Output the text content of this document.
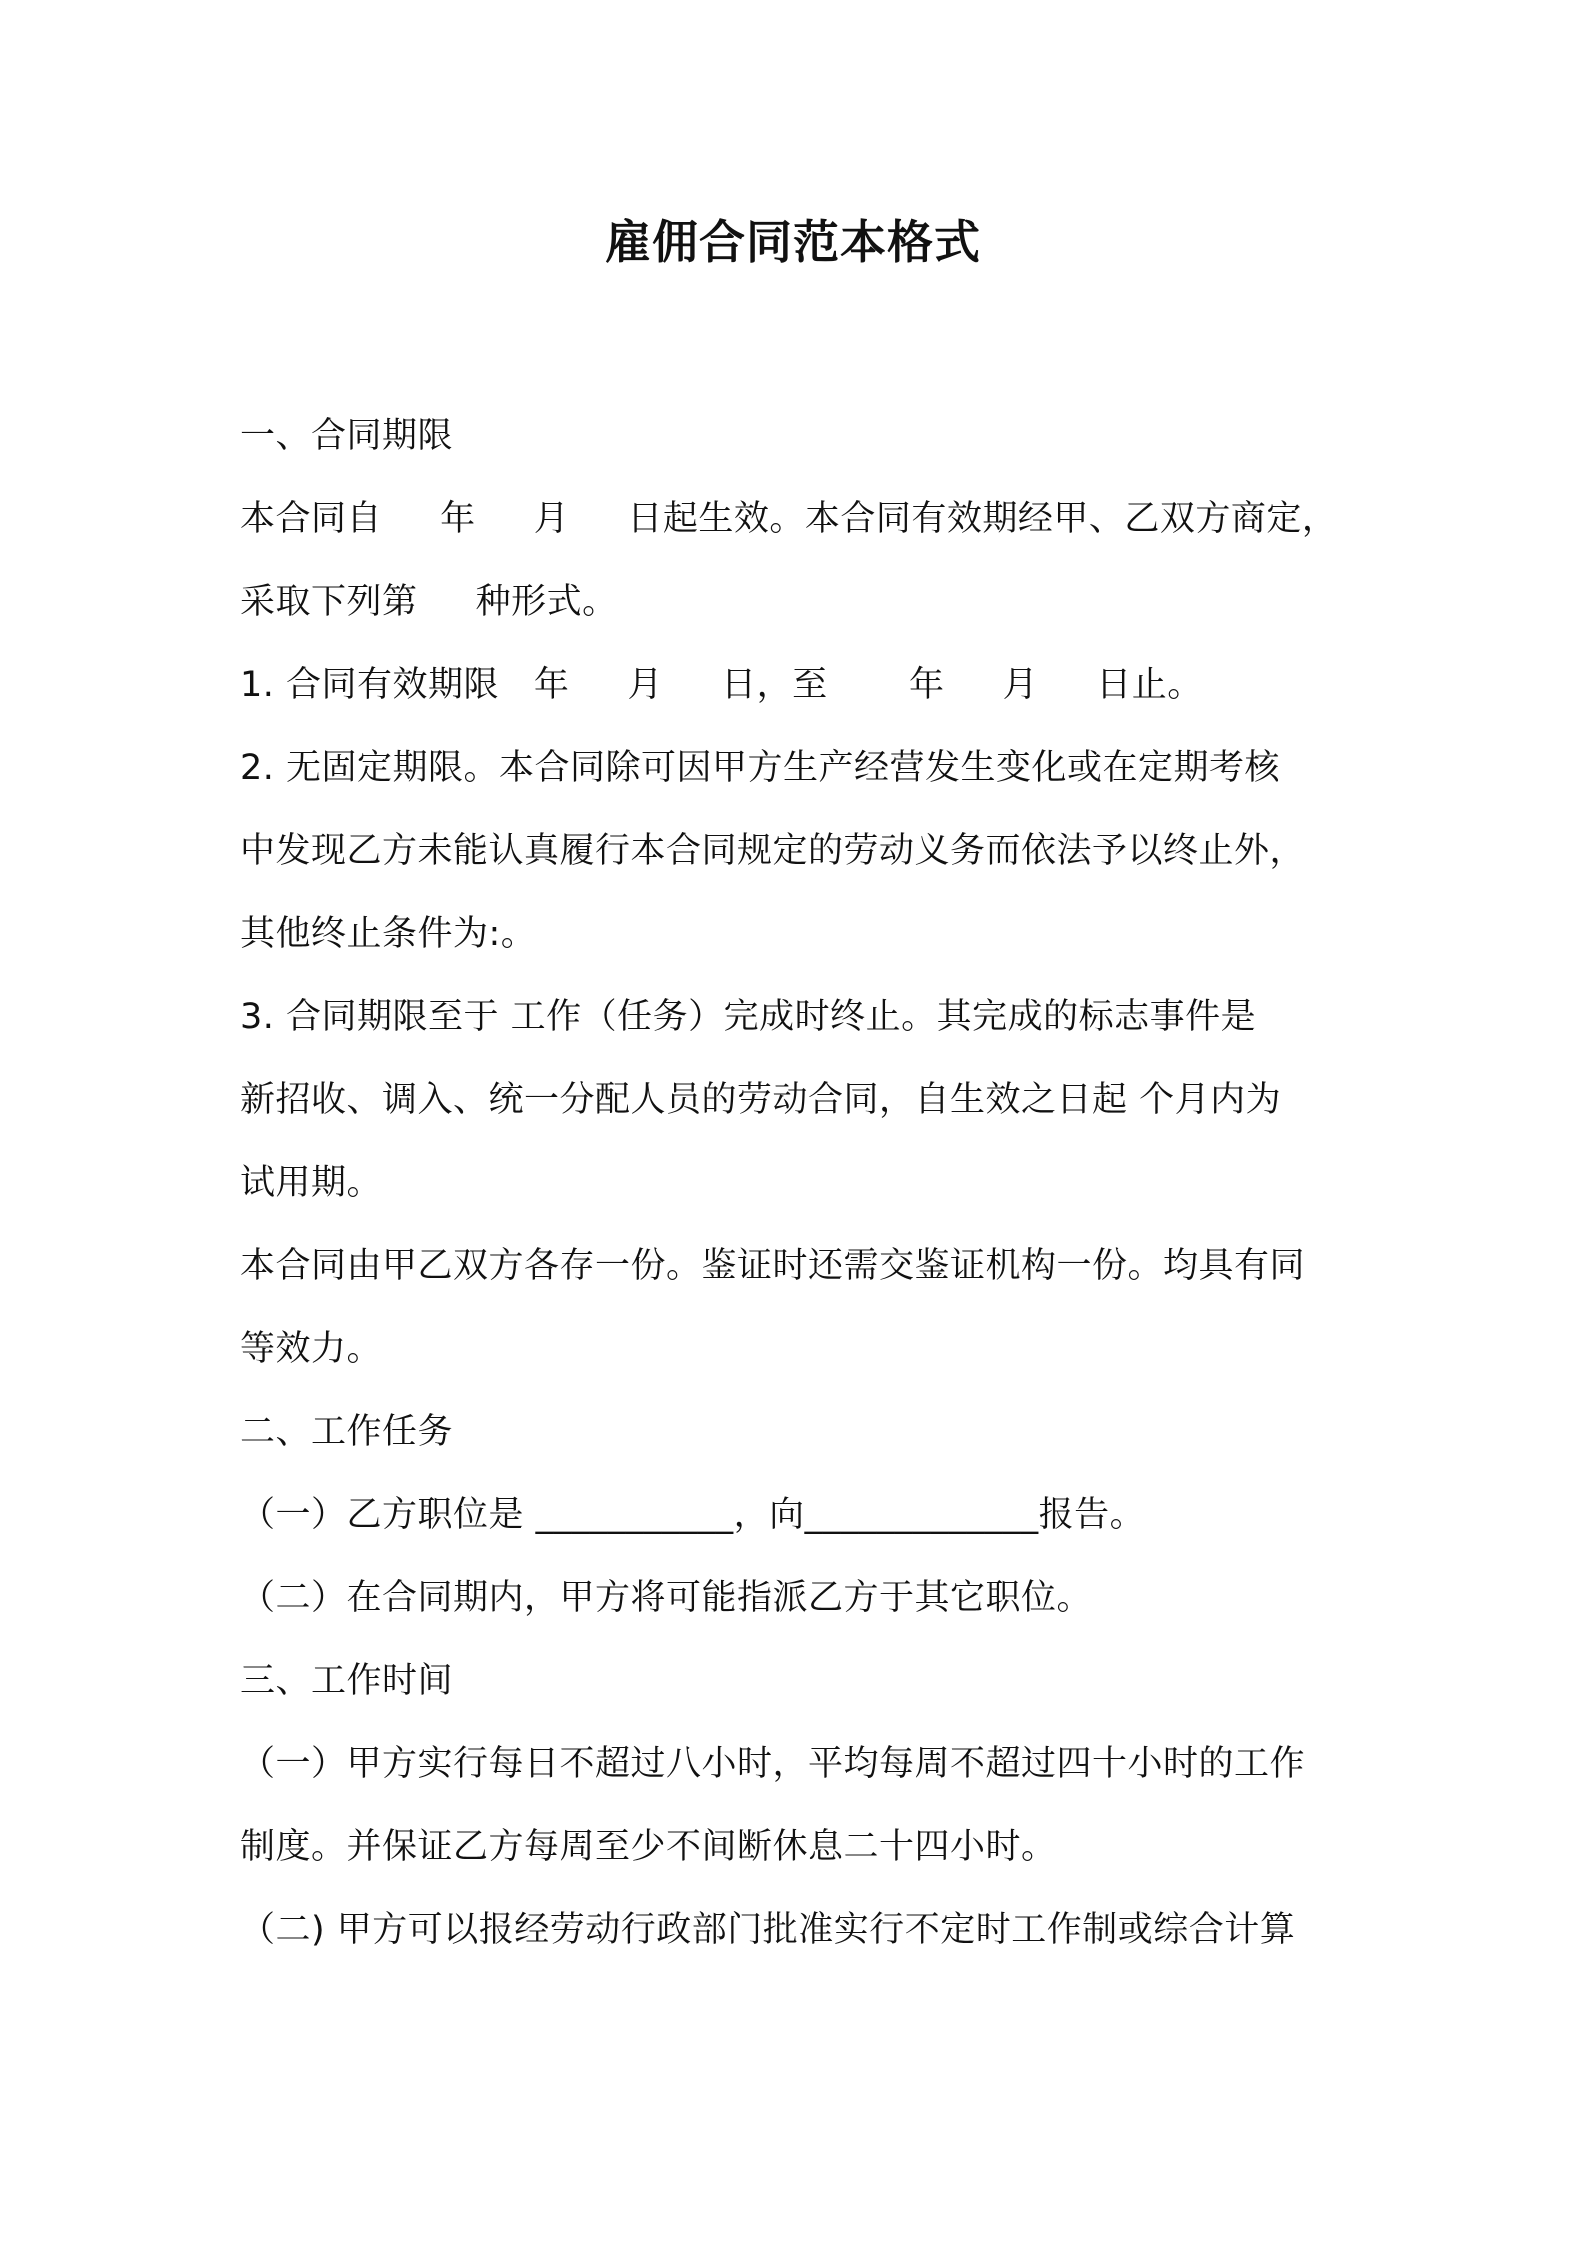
雇佣合同范本格式
一、合同期限
本合同自     年     月     日起生效。本合同有效期经甲、乙双方商定，
采取下列第     种形式。
1. 合同有效期限   年     月     日，至       年     月     日止。
2. 无固定期限。本合同除可因甲方生产经营发生变化或在定期考核
中发现乙方未能认真履行本合同规定的劳动义务而依法予以终止外，
其他终止条件为:。
3. 合同期限至于 工作（任务）完成时终止。其完成的标志事件是
新招收、调入、统一分配人员的劳动合同，自生效之日起 个月内为
试用期。
本合同由甲乙双方各存一份。鉴证时还需交鉴证机构一份。均具有同
等效力。
二、工作任务
（一）乙方职位是 ___________，向_____________报告。
（二）在合同期内，甲方将可能指派乙方于其它职位。
三、工作时间
（一）甲方实行每日不超过八小时，平均每周不超过四十小时的工作
制度。并保证乙方每周至少不间断休息二十四小时。
（二) 甲方可以报经劳动行政部门批准实行不定时工作制或综合计算
